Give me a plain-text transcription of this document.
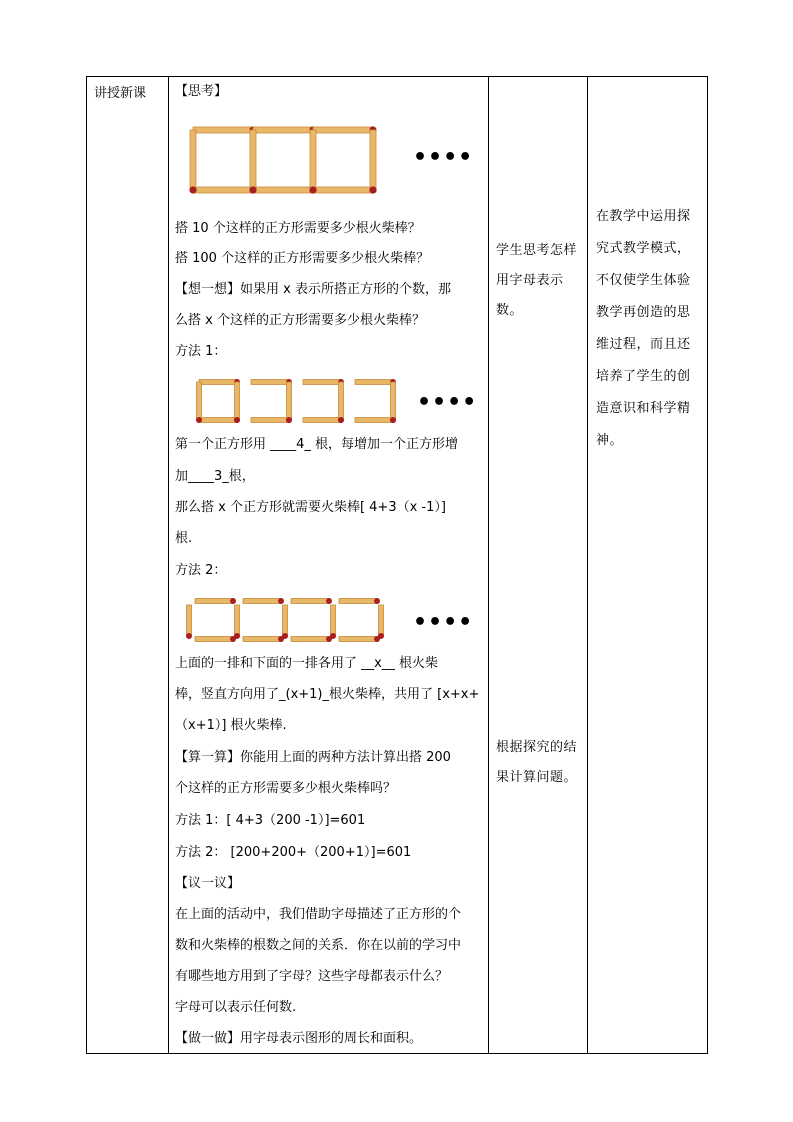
讲授新课 【思考】
••••
搭 10 个这样的正方形需要多少根火柴棒？
搭 100 个这样的正方形需要多少根火柴棒？
【想一想】如果用 x 表示所搭正方形的个数，那
么搭 x 个这样的正方形需要多少根火柴棒？
方法 1：
••••
第一个正方形用 ____4_ 根，每增加一个正方形增
加____3_根，
那么搭 x 个正方形就需要火柴棒[ 4+3（x -1）]
根.
方法 2：
••••
上面的一排和下面的一排各用了 __x__ 根火柴
棒，竖直方向用了_(x+1)_根火柴棒，共用了 [x+x+
（x+1）] 根火柴棒.
【算一算】你能用上面的两种方法计算出搭 200
个这样的正方形需要多少根火柴棒吗？
方法 1：[ 4+3（200 -1）]=601
方法 2： [200+200+（200+1）]=601
【议一议】
在上面的活动中，我们借助字母描述了正方形的个
数和火柴棒的根数之间的关系．你在以前的学习中
有哪些地方用到了字母？这些字母都表示什么？
字母可以表示任何数.
【做一做】用字母表示图形的周长和面积。
学生思考怎样用字母表示数。
根据探究的结果计算问题。
在教学中运用探究式教学模式，不仅使学生体验教学再创造的思维过程，而且还培养了学生的创造意识和科学精神。
